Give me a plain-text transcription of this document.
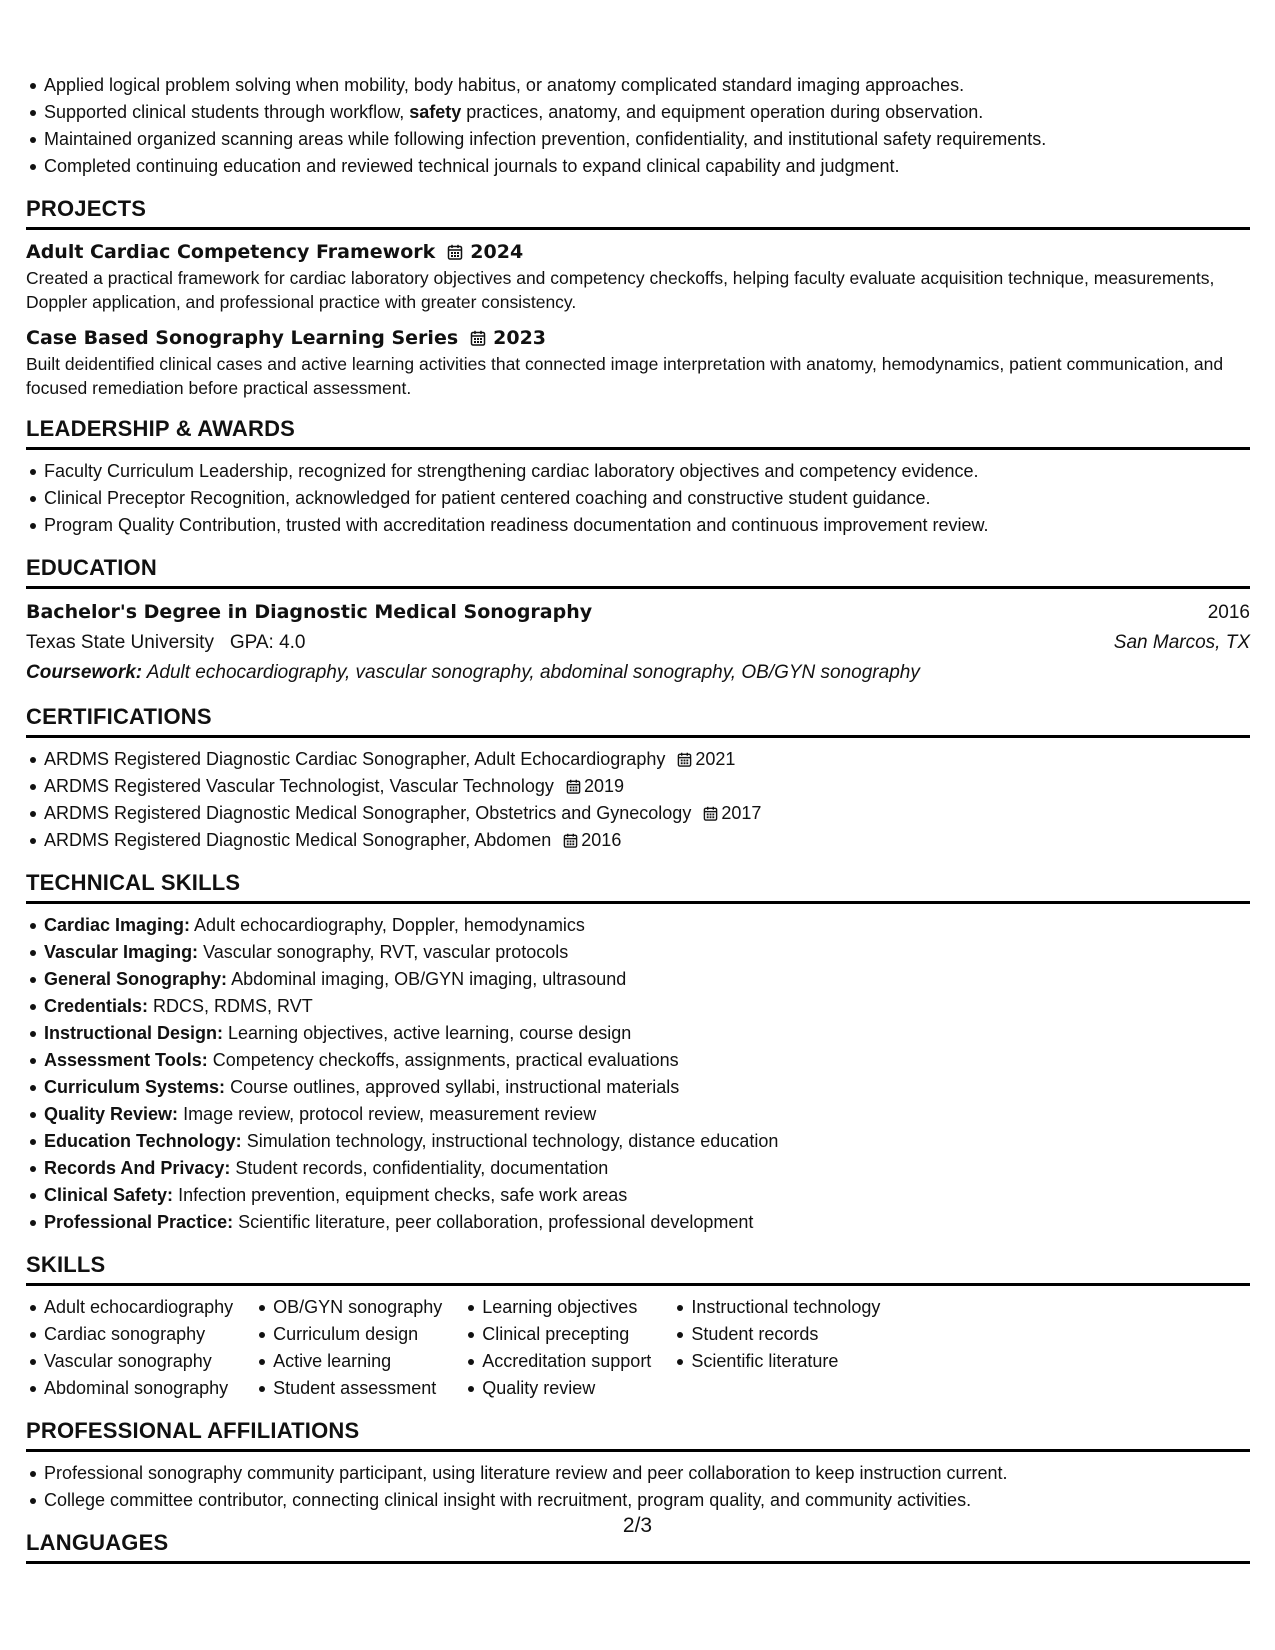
Applied logical problem solving when mobility, body habitus, or anatomy complicated standard imaging approaches.
Supported clinical students through workflow, safety practices, anatomy, and equipment operation during observation.
Maintained organized scanning areas while following infection prevention, confidentiality, and institutional safety requirements.
Completed continuing education and reviewed technical journals to expand clinical capability and judgment.
PROJECTS
Adult Cardiac Competency Framework 2024
Created a practical framework for cardiac laboratory objectives and competency checkoffs, helping faculty evaluate acquisition technique, measurements, Doppler application, and professional practice with greater consistency.
Case Based Sonography Learning Series 2023
Built deidentified clinical cases and active learning activities that connected image interpretation with anatomy, hemodynamics, patient communication, and focused remediation before practical assessment.
LEADERSHIP & AWARDS
Faculty Curriculum Leadership, recognized for strengthening cardiac laboratory objectives and competency evidence.
Clinical Preceptor Recognition, acknowledged for patient centered coaching and constructive student guidance.
Program Quality Contribution, trusted with accreditation readiness documentation and continuous improvement review.
EDUCATION
Bachelor's Degree in Diagnostic Medical Sonography	2016
Texas State University GPA: 4.0	San Marcos, TX
Coursework: Adult echocardiography, vascular sonography, abdominal sonography, OB/GYN sonography
CERTIFICATIONS
ARDMS Registered Diagnostic Cardiac Sonographer, Adult Echocardiography 2021
ARDMS Registered Vascular Technologist, Vascular Technology 2019
ARDMS Registered Diagnostic Medical Sonographer, Obstetrics and Gynecology 2017
ARDMS Registered Diagnostic Medical Sonographer, Abdomen 2016
TECHNICAL SKILLS
Cardiac Imaging: Adult echocardiography, Doppler, hemodynamics
Vascular Imaging: Vascular sonography, RVT, vascular protocols
General Sonography: Abdominal imaging, OB/GYN imaging, ultrasound
Credentials: RDCS, RDMS, RVT
Instructional Design: Learning objectives, active learning, course design
Assessment Tools: Competency checkoffs, assignments, practical evaluations
Curriculum Systems: Course outlines, approved syllabi, instructional materials
Quality Review: Image review, protocol review, measurement review
Education Technology: Simulation technology, instructional technology, distance education
Records And Privacy: Student records, confidentiality, documentation
Clinical Safety: Infection prevention, equipment checks, safe work areas
Professional Practice: Scientific literature, peer collaboration, professional development
SKILLS
Adult echocardiography
Cardiac sonography
Vascular sonography
Abdominal sonography
OB/GYN sonography
Curriculum design
Active learning
Student assessment
Learning objectives
Clinical precepting
Accreditation support
Quality review
Instructional technology
Student records
Scientific literature
PROFESSIONAL AFFILIATIONS
Professional sonography community participant, using literature review and peer collaboration to keep instruction current.
College committee contributor, connecting clinical insight with recruitment, program quality, and community activities.
LANGUAGES
2/3
